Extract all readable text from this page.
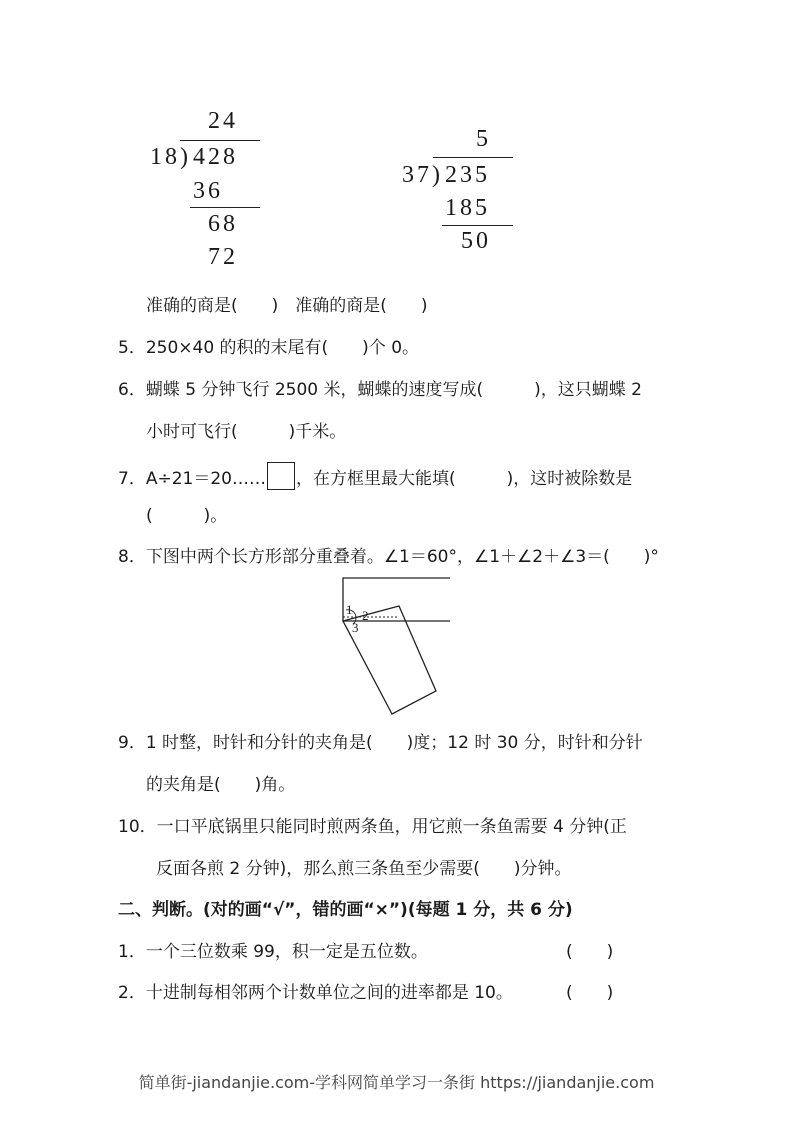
24
18) 428
36
68
72
5
37) 235
185
50
准确的商是(　　)　准确的商是(　　)
5．250×40 的积的末尾有(　　)个 0。
6．蝴蝶 5 分钟飞行 2500 米，蝴蝶的速度写成(　　　)，这只蝴蝶 2
小时可飞行(　　　)千米。
7．A÷21＝20…… ，在方框里最大能填(　　　)，这时被除数是
(　　　)。
8．下图中两个长方形部分重叠着。∠1＝60°，∠1＋∠2＋∠3＝(　　)°
1 2
3
9．1 时整，时针和分针的夹角是(　　)度；12 时 30 分，时针和分针
的夹角是(　　)角。
10．一口平底锅里只能同时煎两条鱼，用它煎一条鱼需要 4 分钟(正
反面各煎 2 分钟)，那么煎三条鱼至少需要(　　)分钟。
二、判断。(对的画“√”，错的画“×”)(每题 1 分，共 6 分)
1．一个三位数乘 99，积一定是五位数。	(　　)
2．十进制每相邻两个计数单位之间的进率都是 10。	(　　)
简单街-jiandanjie.com-学科网简单学习一条街 https://jiandanjie.com
